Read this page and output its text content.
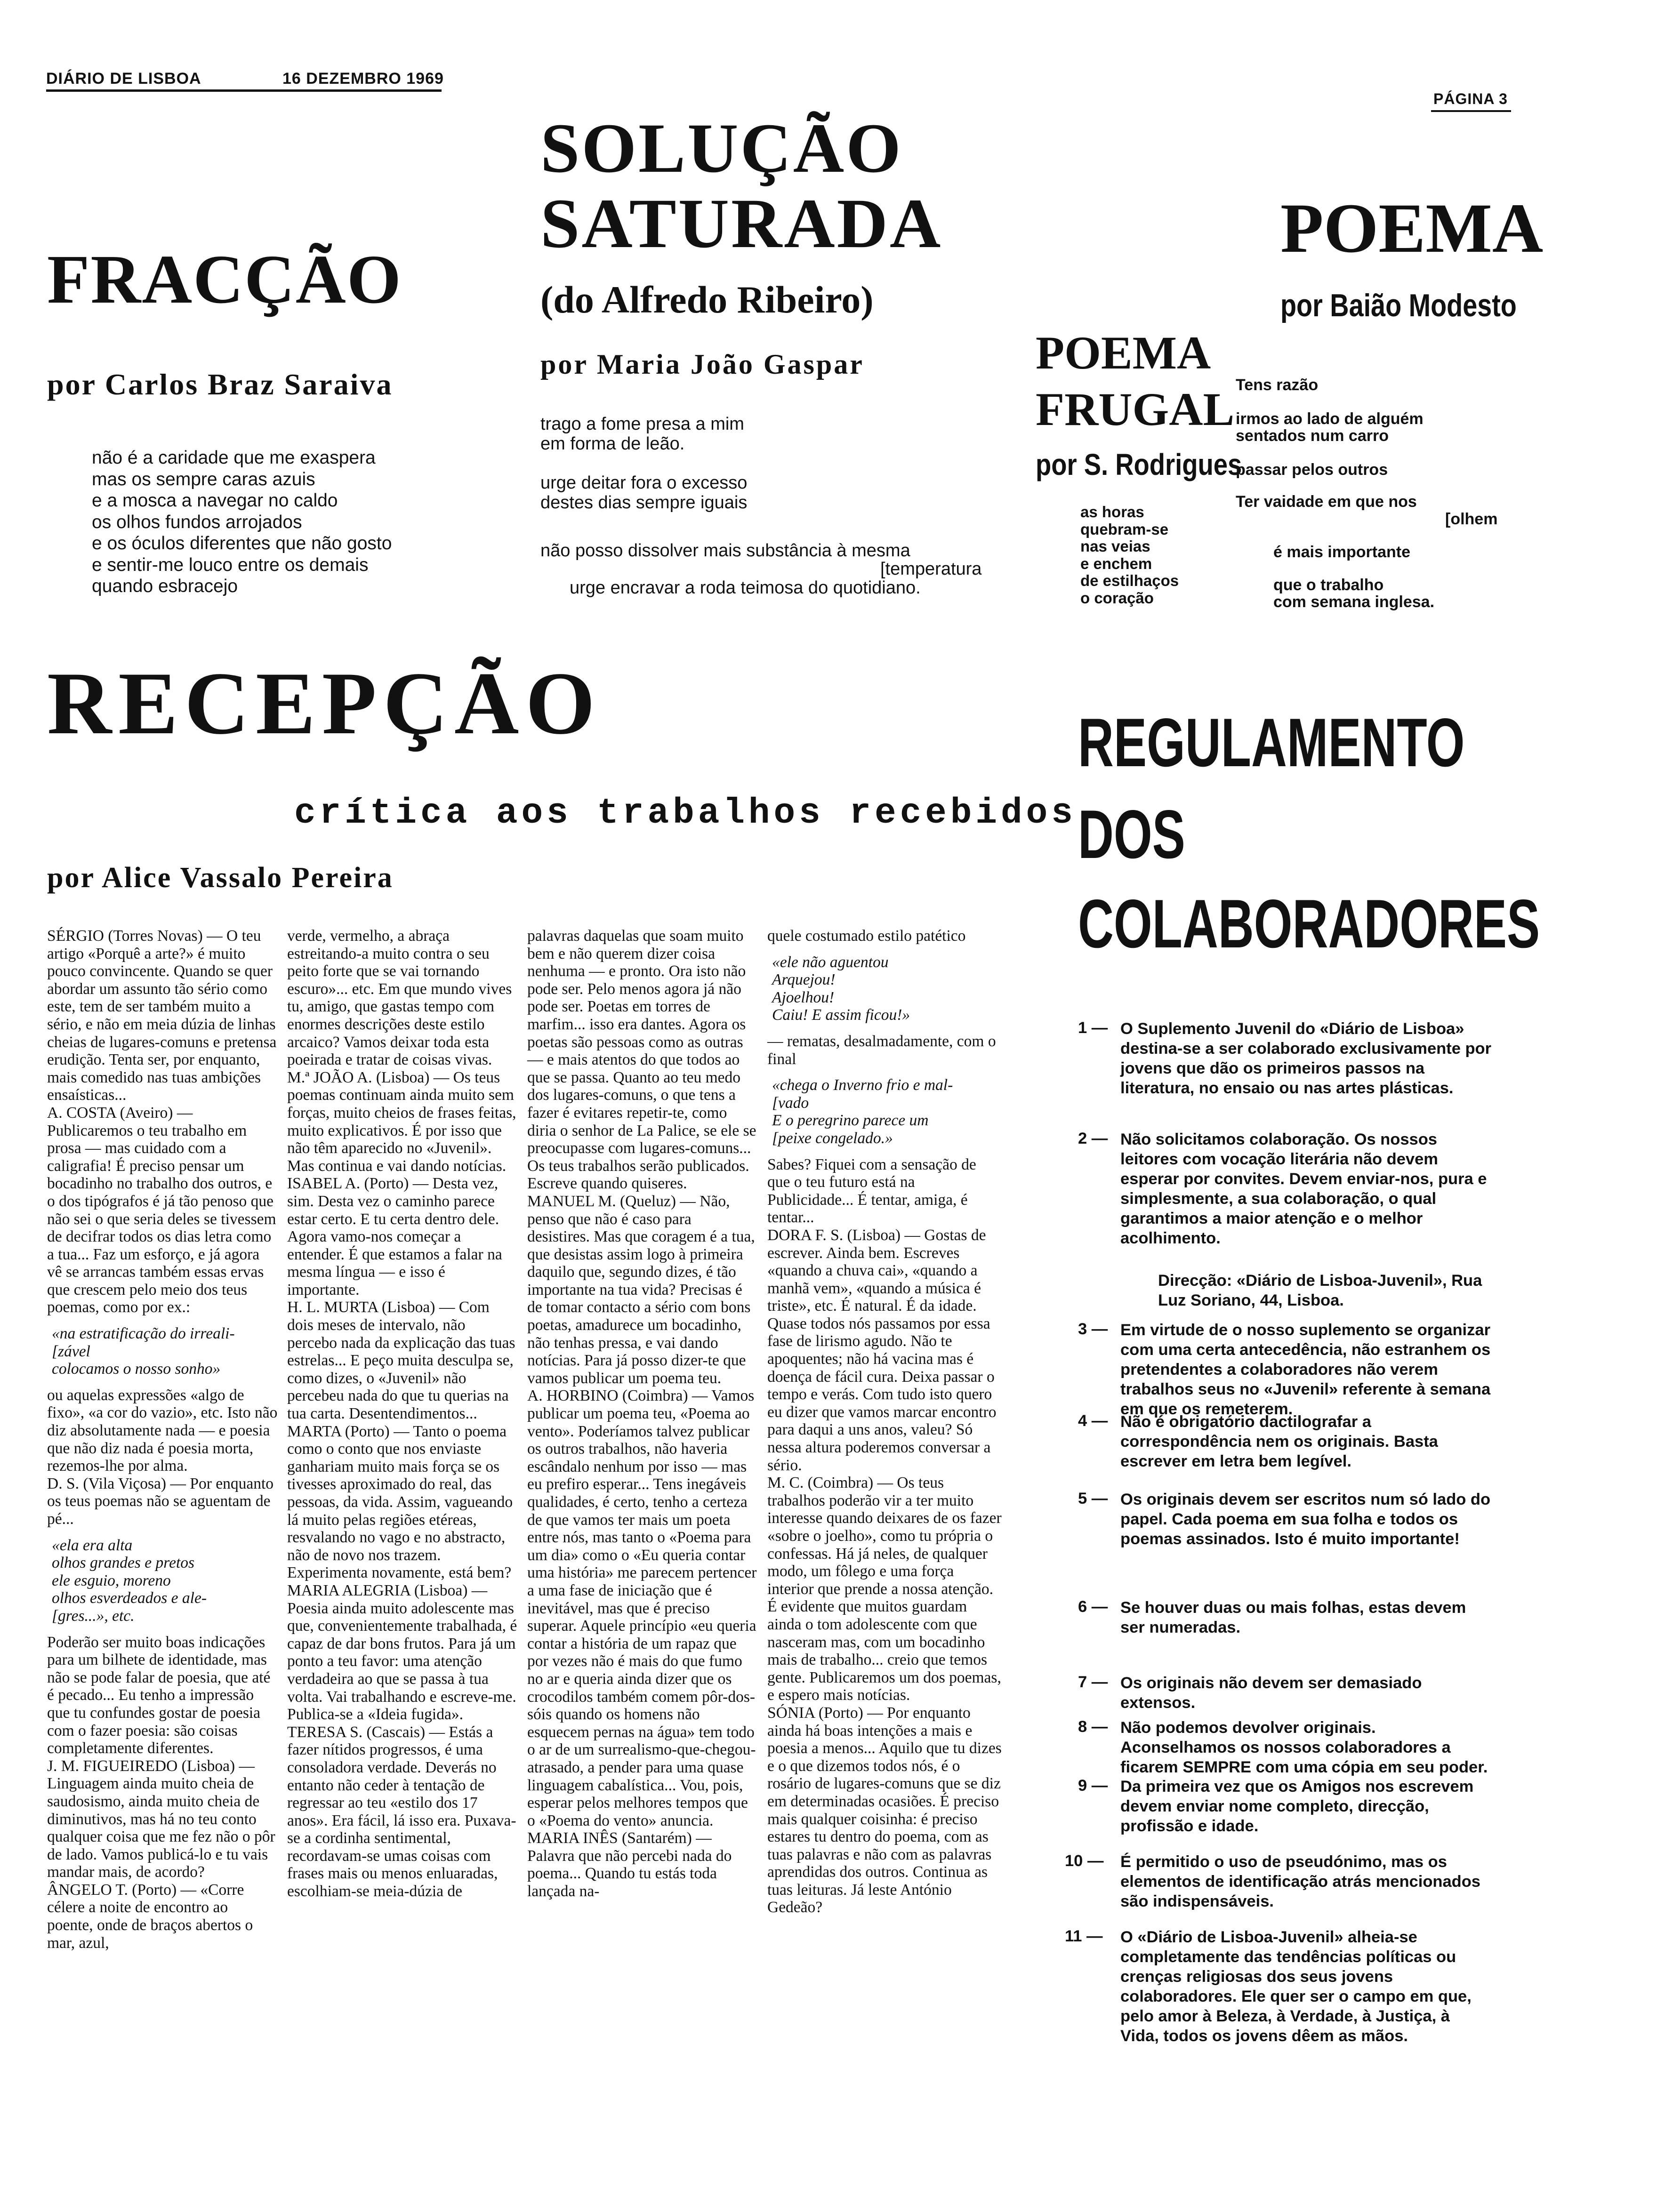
DIÁRIO DE LISBOA	16 DEZEMBRO 1969
PÁGINA 3
FRACÇÃO
por Carlos Braz Saraiva
não é a caridade que me exaspera
mas os sempre caras azuis
e a mosca a navegar no caldo
os olhos fundos arrojados
e os óculos diferentes que não gosto
e sentir-me louco entre os demais
quando esbracejo
SOLUÇÃO
SATURADA
(do Alfredo Ribeiro)
por Maria João Gaspar
trago a fome presa a mim
em forma de leão.
urge deitar fora o excesso
destes dias sempre iguais
não posso dissolver mais substância à mesma
[temperatura
urge encravar a roda teimosa do quotidiano.
POEMA
FRUGAL
por S. Rodrigues
as horas
quebram-se
nas veias
e enchem
de estilhaços
o coração
POEMA
por Baião Modesto
Tens razão
irmos ao lado de alguém
sentados num carro
passar pelos outros
Ter vaidade em que nos
[olhem
é mais importante
que o trabalho
com semana inglesa.
RECEPÇÃO
crítica aos trabalhos recebidos
por Alice Vassalo Pereira

SÉRGIO (Torres Novas) — O teu artigo «Porquê a arte?» é muito pouco convincente. Quando se quer abordar um assunto tão sério como este, tem de ser também muito a sério, e não em meia dúzia de linhas cheias de lugares-comuns e pretensa erudição. Tenta ser, por enquanto, mais comedido nas tuas ambições ensaísticas...
A. COSTA (Aveiro) — Publicaremos o teu trabalho em prosa — mas cuidado com a caligrafia! É preciso pensar um bocadinho no trabalho dos outros, e o dos tipógrafos é já tão penoso que não sei o que seria deles se tivessem de decifrar todos os dias letra como a tua... Faz um esforço, e já agora vê se arrancas também essas ervas que crescem pelo meio dos teus poemas, como por ex.:

«na estratificação do irreali-
[zável
colocamos o nosso sonho»

ou aquelas expressões «algo de fixo», «a cor do vazio», etc. Isto não diz absolutamente nada — e poesia que não diz nada é poesia morta, rezemos-lhe por alma.
D. S. (Vila Viçosa) — Por enquanto os teus poemas não se aguentam de pé...

«ela era alta
olhos grandes e pretos
ele esguio, moreno
olhos esverdeados e ale-
[gres...», etc.

Poderão ser muito boas indicações para um bilhete de identidade, mas não se pode falar de poesia, que até é pecado... Eu tenho a impressão que tu confundes gostar de poesia com o fazer poesia: são coisas completamente diferentes.
J. M. FIGUEIREDO (Lisboa) — Linguagem ainda muito cheia de saudosismo, ainda muito cheia de diminutivos, mas há no teu conto qualquer coisa que me fez não o pôr de lado. Vamos publicá-lo e tu vais mandar mais, de acordo?
ÂNGELO T. (Porto) — «Corre célere a noite de encontro ao poente, onde de braços abertos o mar, azul,

verde, vermelho, a abraça estreitando-a muito contra o seu peito forte que se vai tornando escuro»... etc. Em que mundo vives tu, amigo, que gastas tempo com enormes descrições deste estilo arcaico? Vamos deixar toda esta poeirada e tratar de coisas vivas.
M.ª JOÃO A. (Lisboa) — Os teus poemas continuam ainda muito sem forças, muito cheios de frases feitas, muito explicativos. É por isso que não têm aparecido no «Juvenil». Mas continua e vai dando notícias.
ISABEL A. (Porto) — Desta vez, sim. Desta vez o caminho parece estar certo. E tu certa dentro dele. Agora vamo-nos começar a entender. É que estamos a falar na mesma língua — e isso é importante.
H. L. MURTA (Lisboa) — Com dois meses de intervalo, não percebo nada da explicação das tuas estrelas... E peço muita desculpa se, como dizes, o «Juvenil» não percebeu nada do que tu querias na tua carta. Desentendimentos...
MARTA (Porto) — Tanto o poema como o conto que nos enviaste ganhariam muito mais força se os tivesses aproximado do real, das pessoas, da vida. Assim, vagueando lá muito pelas regiões etéreas, resvalando no vago e no abstracto, não de novo nos trazem. Experimenta novamente, está bem?
MARIA ALEGRIA (Lisboa) — Poesia ainda muito adolescente mas que, convenientemente trabalhada, é capaz de dar bons frutos. Para já um ponto a teu favor: uma atenção verdadeira ao que se passa à tua volta. Vai trabalhando e escreve-me. Publica-se a «Ideia fugida».
TERESA S. (Cascais) — Estás a fazer nítidos progressos, é uma consoladora verdade. Deverás no entanto não ceder à tentação de regressar ao teu «estilo dos 17 anos». Era fácil, lá isso era. Puxava-se a cordinha sentimental, recordavam-se umas coisas com frases mais ou menos enluaradas, escolhiam-se meia-dúzia de

palavras daquelas que soam muito bem e não querem dizer coisa nenhuma — e pronto. Ora isto não pode ser. Pelo menos agora já não pode ser. Poetas em torres de marfim... isso era dantes. Agora os poetas são pessoas como as outras — e mais atentos do que todos ao que se passa. Quanto ao teu medo dos lugares-comuns, o que tens a fazer é evitares repetir-te, como diria o senhor de La Palice, se ele se preocupasse com lugares-comuns... Os teus trabalhos serão publicados. Escreve quando quiseres.
MANUEL M. (Queluz) — Não, penso que não é caso para desistires. Mas que coragem é a tua, que desistas assim logo à primeira daquilo que, segundo dizes, é tão importante na tua vida? Precisas é de tomar contacto a sério com bons poetas, amadurece um bocadinho, não tenhas pressa, e vai dando notícias. Para já posso dizer-te que vamos publicar um poema teu.
A. HORBINO (Coimbra) — Vamos publicar um poema teu, «Poema ao vento». Poderíamos talvez publicar os outros trabalhos, não haveria escândalo nenhum por isso — mas eu prefiro esperar... Tens inegáveis qualidades, é certo, tenho a certeza de que vamos ter mais um poeta entre nós, mas tanto o «Poema para um dia» como o «Eu queria contar uma história» me parecem pertencer a uma fase de iniciação que é inevitável, mas que é preciso superar. Aquele princípio «eu queria contar a história de um rapaz que por vezes não é mais do que fumo no ar e queria ainda dizer que os crocodilos também comem pôr-dos-sóis quando os homens não esquecem pernas na água» tem todo o ar de um surrealismo-que-chegou-atrasado, a pender para uma quase linguagem cabalística... Vou, pois, esperar pelos melhores tempos que o «Poema do vento» anuncia.
MARIA INÊS (Santarém) — Palavra que não percebi nada do poema... Quando tu estás toda lançada na-

quele costumado estilo patético

«ele não aguentou
Arquejou!
Ajoelhou!
Caiu! E assim ficou!»

— rematas, desalmadamente, com o final

«chega o Inverno frio e mal-
[vado
E o peregrino parece um
[peixe congelado.»

Sabes? Fiquei com a sensação de que o teu futuro está na Publicidade... É tentar, amiga, é tentar...
DORA F. S. (Lisboa) — Gostas de escrever. Ainda bem. Escreves «quando a chuva cai», «quando a manhã vem», «quando a música é triste», etc. É natural. É da idade. Quase todos nós passamos por essa fase de lirismo agudo. Não te apoquentes; não há vacina mas é doença de fácil cura. Deixa passar o tempo e verás. Com tudo isto quero eu dizer que vamos marcar encontro para daqui a uns anos, valeu? Só nessa altura poderemos conversar a sério.
M. C. (Coimbra) — Os teus trabalhos poderão vir a ter muito interesse quando deixares de os fazer «sobre o joelho», como tu própria o confessas. Há já neles, de qualquer modo, um fôlego e uma força interior que prende a nossa atenção. É evidente que muitos guardam ainda o tom adolescente com que nasceram mas, com um bocadinho mais de trabalho... creio que temos gente. Publicaremos um dos poemas, e espero mais notícias.
SÓNIA (Porto) — Por enquanto ainda há boas intenções a mais e poesia a menos... Aquilo que tu dizes e o que dizemos todos nós, é o rosário de lugares-comuns que se diz em determinadas ocasiões. É preciso mais qualquer coisinha: é preciso estares tu dentro do poema, com as tuas palavras e não com as palavras aprendidas dos outros. Continua as tuas leituras. Já leste António Gedeão?

REGULAMENTO
DOS
COLABORADORES
1 — O Suplemento Juvenil do «Diário de Lisboa» destina-se a ser colaborado exclusivamente por jovens que dão os primeiros passos na literatura, no ensaio ou nas artes plásticas.
2 — Não solicitamos colaboração. Os nossos leitores com vocação literária não devem esperar por convites. Devem enviar-nos, pura e simplesmente, a sua colaboração, o qual garantimos a maior atenção e o melhor acolhimento.
Direcção: «Diário de Lisboa-Juvenil», Rua Luz Soriano, 44, Lisboa.
3 — Em virtude de o nosso suplemento se organizar com uma certa antecedência, não estranhem os pretendentes a colaboradores não verem trabalhos seus no «Juvenil» referente à semana em que os remeterem.
4 — Não é obrigatório dactilografar a correspondência nem os originais. Basta escrever em letra bem legível.
5 — Os originais devem ser escritos num só lado do papel. Cada poema em sua folha e todos os poemas assinados. Isto é muito importante!
6 — Se houver duas ou mais folhas, estas devem ser numeradas.
7 — Os originais não devem ser demasiado extensos.
8 — Não podemos devolver originais. Aconselhamos os nossos colaboradores a ficarem SEMPRE com uma cópia em seu poder.
9 — Da primeira vez que os Amigos nos escrevem devem enviar nome completo, direcção, profissão e idade.
10 — É permitido o uso de pseudónimo, mas os elementos de identificação atrás mencionados são indispensáveis.
11 — O «Diário de Lisboa-Juvenil» alheia-se completamente das tendências políticas ou crenças religiosas dos seus jovens colaboradores. Ele quer ser o campo em que, pelo amor à Beleza, à Verdade, à Justiça, à Vida, todos os jovens dêem as mãos.
